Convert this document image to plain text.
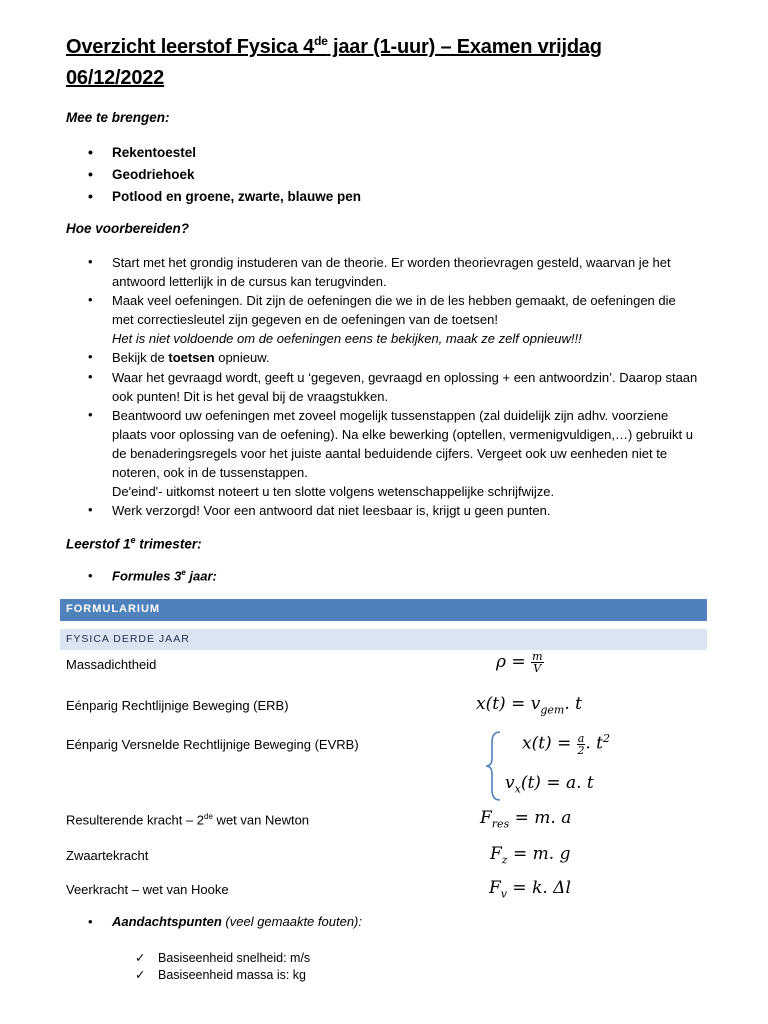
Overzicht leerstof Fysica 4de jaar (1-uur) – Examen vrijdag
06/12/2022
Mee te brengen:
• Rekentoestel
• Geodriehoek
• Potlood en groene, zwarte, blauwe pen
Hoe voorbereiden?
• Start met het grondig instuderen van de theorie. Er worden theorievragen gesteld, waarvan je het
antwoord letterlijk in de cursus kan terugvinden.
• Maak veel oefeningen. Dit zijn de oefeningen die we in de les hebben gemaakt, de oefeningen die
met correctiesleutel zijn gegeven en de oefeningen van de toetsen!
Het is niet voldoende om de oefeningen eens te bekijken, maak ze zelf opnieuw!!!
• Bekijk de toetsen opnieuw.
• Waar het gevraagd wordt, geeft u ‘gegeven, gevraagd en oplossing + een antwoordzin’. Daarop staan
ook punten! Dit is het geval bij de vraagstukken.
• Beantwoord uw oefeningen met zoveel mogelijk tussenstappen (zal duidelijk zijn adhv. voorziene
plaats voor oplossing van de oefening). Na elke bewerking (optellen, vermenigvuldigen,…) gebruikt u
de benaderingsregels voor het juiste aantal beduidende cijfers. Vergeet ook uw eenheden niet te
noteren, ook in de tussenstappen.
De'eind'- uitkomst noteert u ten slotte volgens wetenschappelijke schrijfwijze.
• Werk verzorgd! Voor een antwoord dat niet leesbaar is, krijgt u geen punten.
Leerstof 1e trimester:
• Formules 3e jaar:
FORMULARIUM
FYSICA DERDE JAAR
Massadichtheid	$\rho = \frac{m}{V}$
Eénparig Rechtlijnige Beweging (ERB)	$x(t) = v_{gem}$. t
Eénparig Versnelde Rechtlijnige Beweging (EVRB)	$x(t) = \frac{a}{2}$ . $t^2$
$v_x(t) = a$. t
Resulterende kracht – 2de wet van Newton	$F_{res} = m$. a
Zwaartekracht	$F_z = m$. g
Veerkracht – wet van Hooke	$F_v = k$. Δl
• Aandachtspunten (veel gemaakte fouten):
✓ Basiseenheid snelheid: m/s
✓ Basiseenheid massa is: kg
